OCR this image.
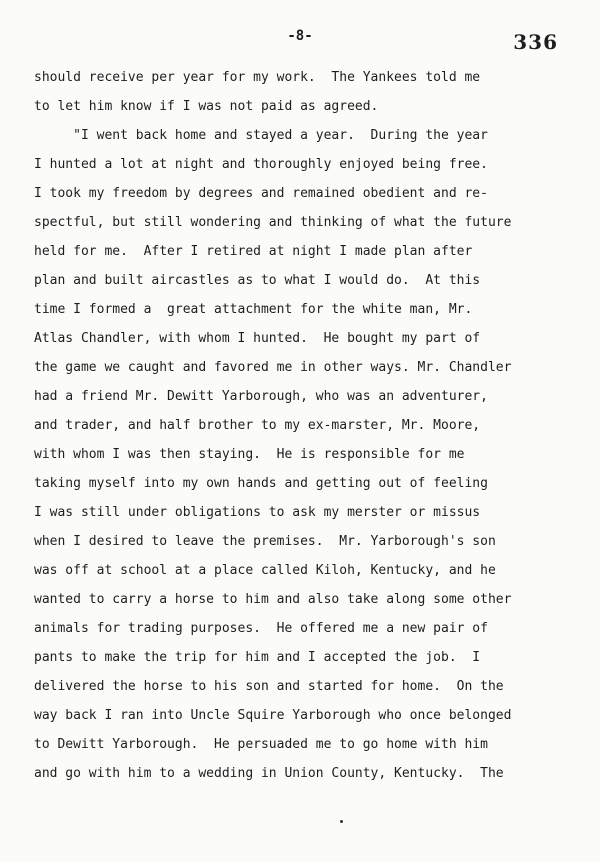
-8-	336
should receive per year for my work.  The Yankees told me
to let him know if I was not paid as agreed.
"I went back home and stayed a year.  During the year
I hunted a lot at night and thoroughly enjoyed being free.
I took my freedom by degrees and remained obedient and re-
spectful, but still wondering and thinking of what the future
held for me.  After I retired at night I made plan after
plan and built aircastles as to what I would do.  At this
time I formed a  great attachment for the white man, Mr.
Atlas Chandler, with whom I hunted.  He bought my part of
the game we caught and favored me in other ways. Mr. Chandler
had a friend Mr. Dewitt Yarborough, who was an adventurer,
and trader, and half brother to my ex-marster, Mr. Moore,
with whom I was then staying.  He is responsible for me
taking myself into my own hands and getting out of feeling
I was still under obligations to ask my merster or missus
when I desired to leave the premises.  Mr. Yarborough's son
was off at school at a place called Kiloh, Kentucky, and he
wanted to carry a horse to him and also take along some other
animals for trading purposes.  He offered me a new pair of
pants to make the trip for him and I accepted the job.  I
delivered the horse to his son and started for home.  On the
way back I ran into Uncle Squire Yarborough who once belonged
to Dewitt Yarborough.  He persuaded me to go home with him
and go with him to a wedding in Union County, Kentucky.  The
